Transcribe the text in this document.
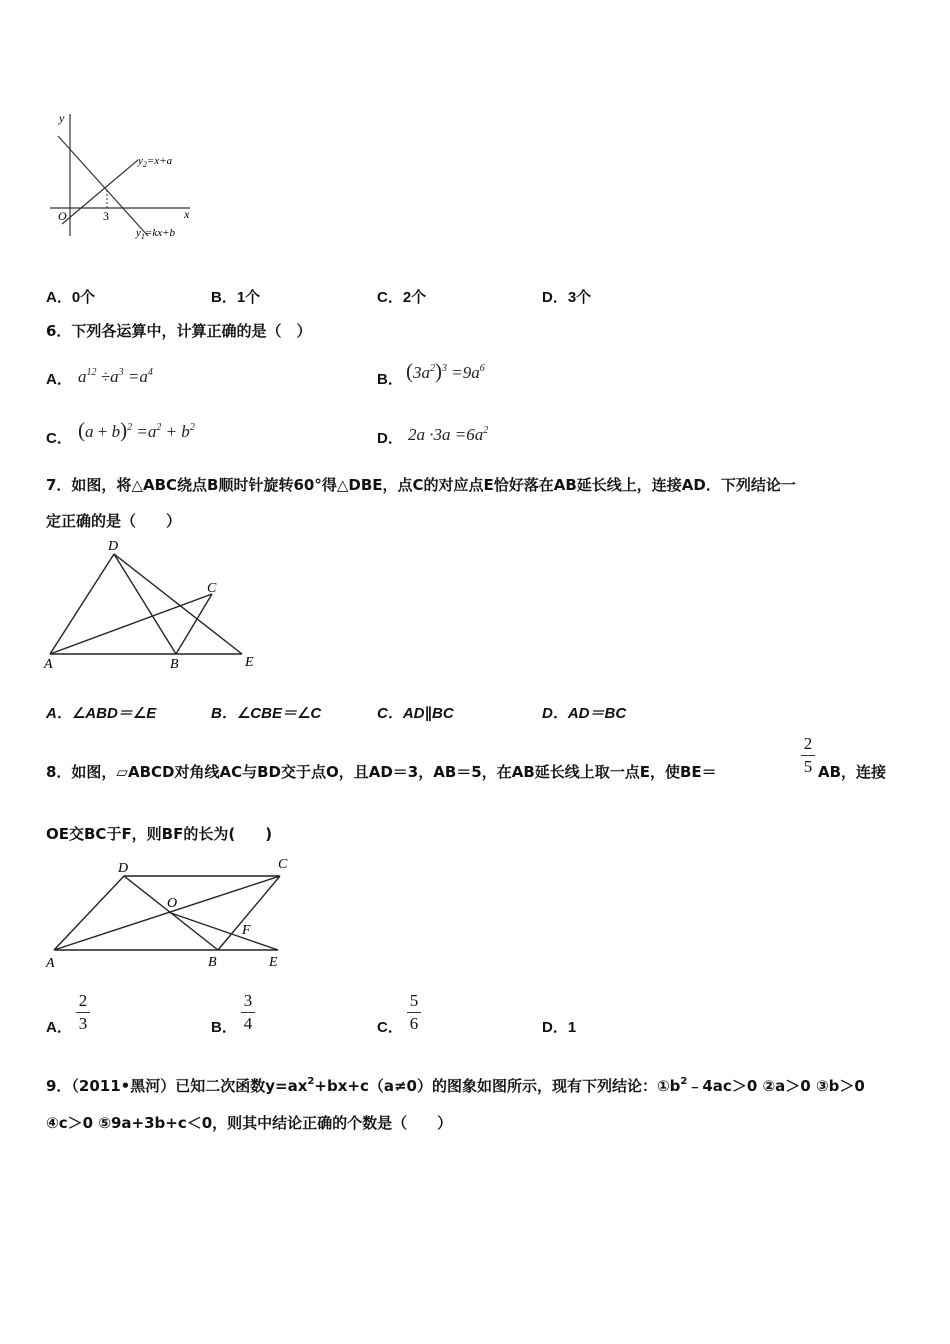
y
x
O	3
$y_2=x+a$
$y_1=kx+b$
A．0个	B．1个	C．2个	D．3个
6．下列各运算中，计算正确的是（　）
A． $a^{12} \div a^3 =a^4$	B． $(3a^2)^3 =9a^6$
C． $(a + b)^2 =a^2 + b^2$
D． $2a \cdot 3a =6a^2$
7．如图，将△ABC绕点B顺时针旋转60°得△DBE，点C的对应点E恰好落在AB延长线上，连接AD．下列结论一
定正确的是（　　）
D
C
A	B	E
A．∠ABD＝∠E	B．∠CBE＝∠C	C．AD∥BC	D．AD＝BC
8．如图，▱ABCD对角线AC与BD交于点O，且AD＝3，AB＝5，在AB延长线上取一点E，使BE＝
2
5 AB，连接
OE交BC于F，则BF的长为(　　)
D	C
O
F
A	B	E
A．
2
3	B．
3
4	C．
5
6	D．1
9．（2011•黑河）已知二次函数$y=ax^2+bx+c(a\ne 0)$的图象如图所示，现有下列结论：$①b^2﹣4ac>0$ ②a＞0 ③b＞0
④c＞0 ⑤9a+3b+c＜0，则其中结论正确的个数是（　　）
